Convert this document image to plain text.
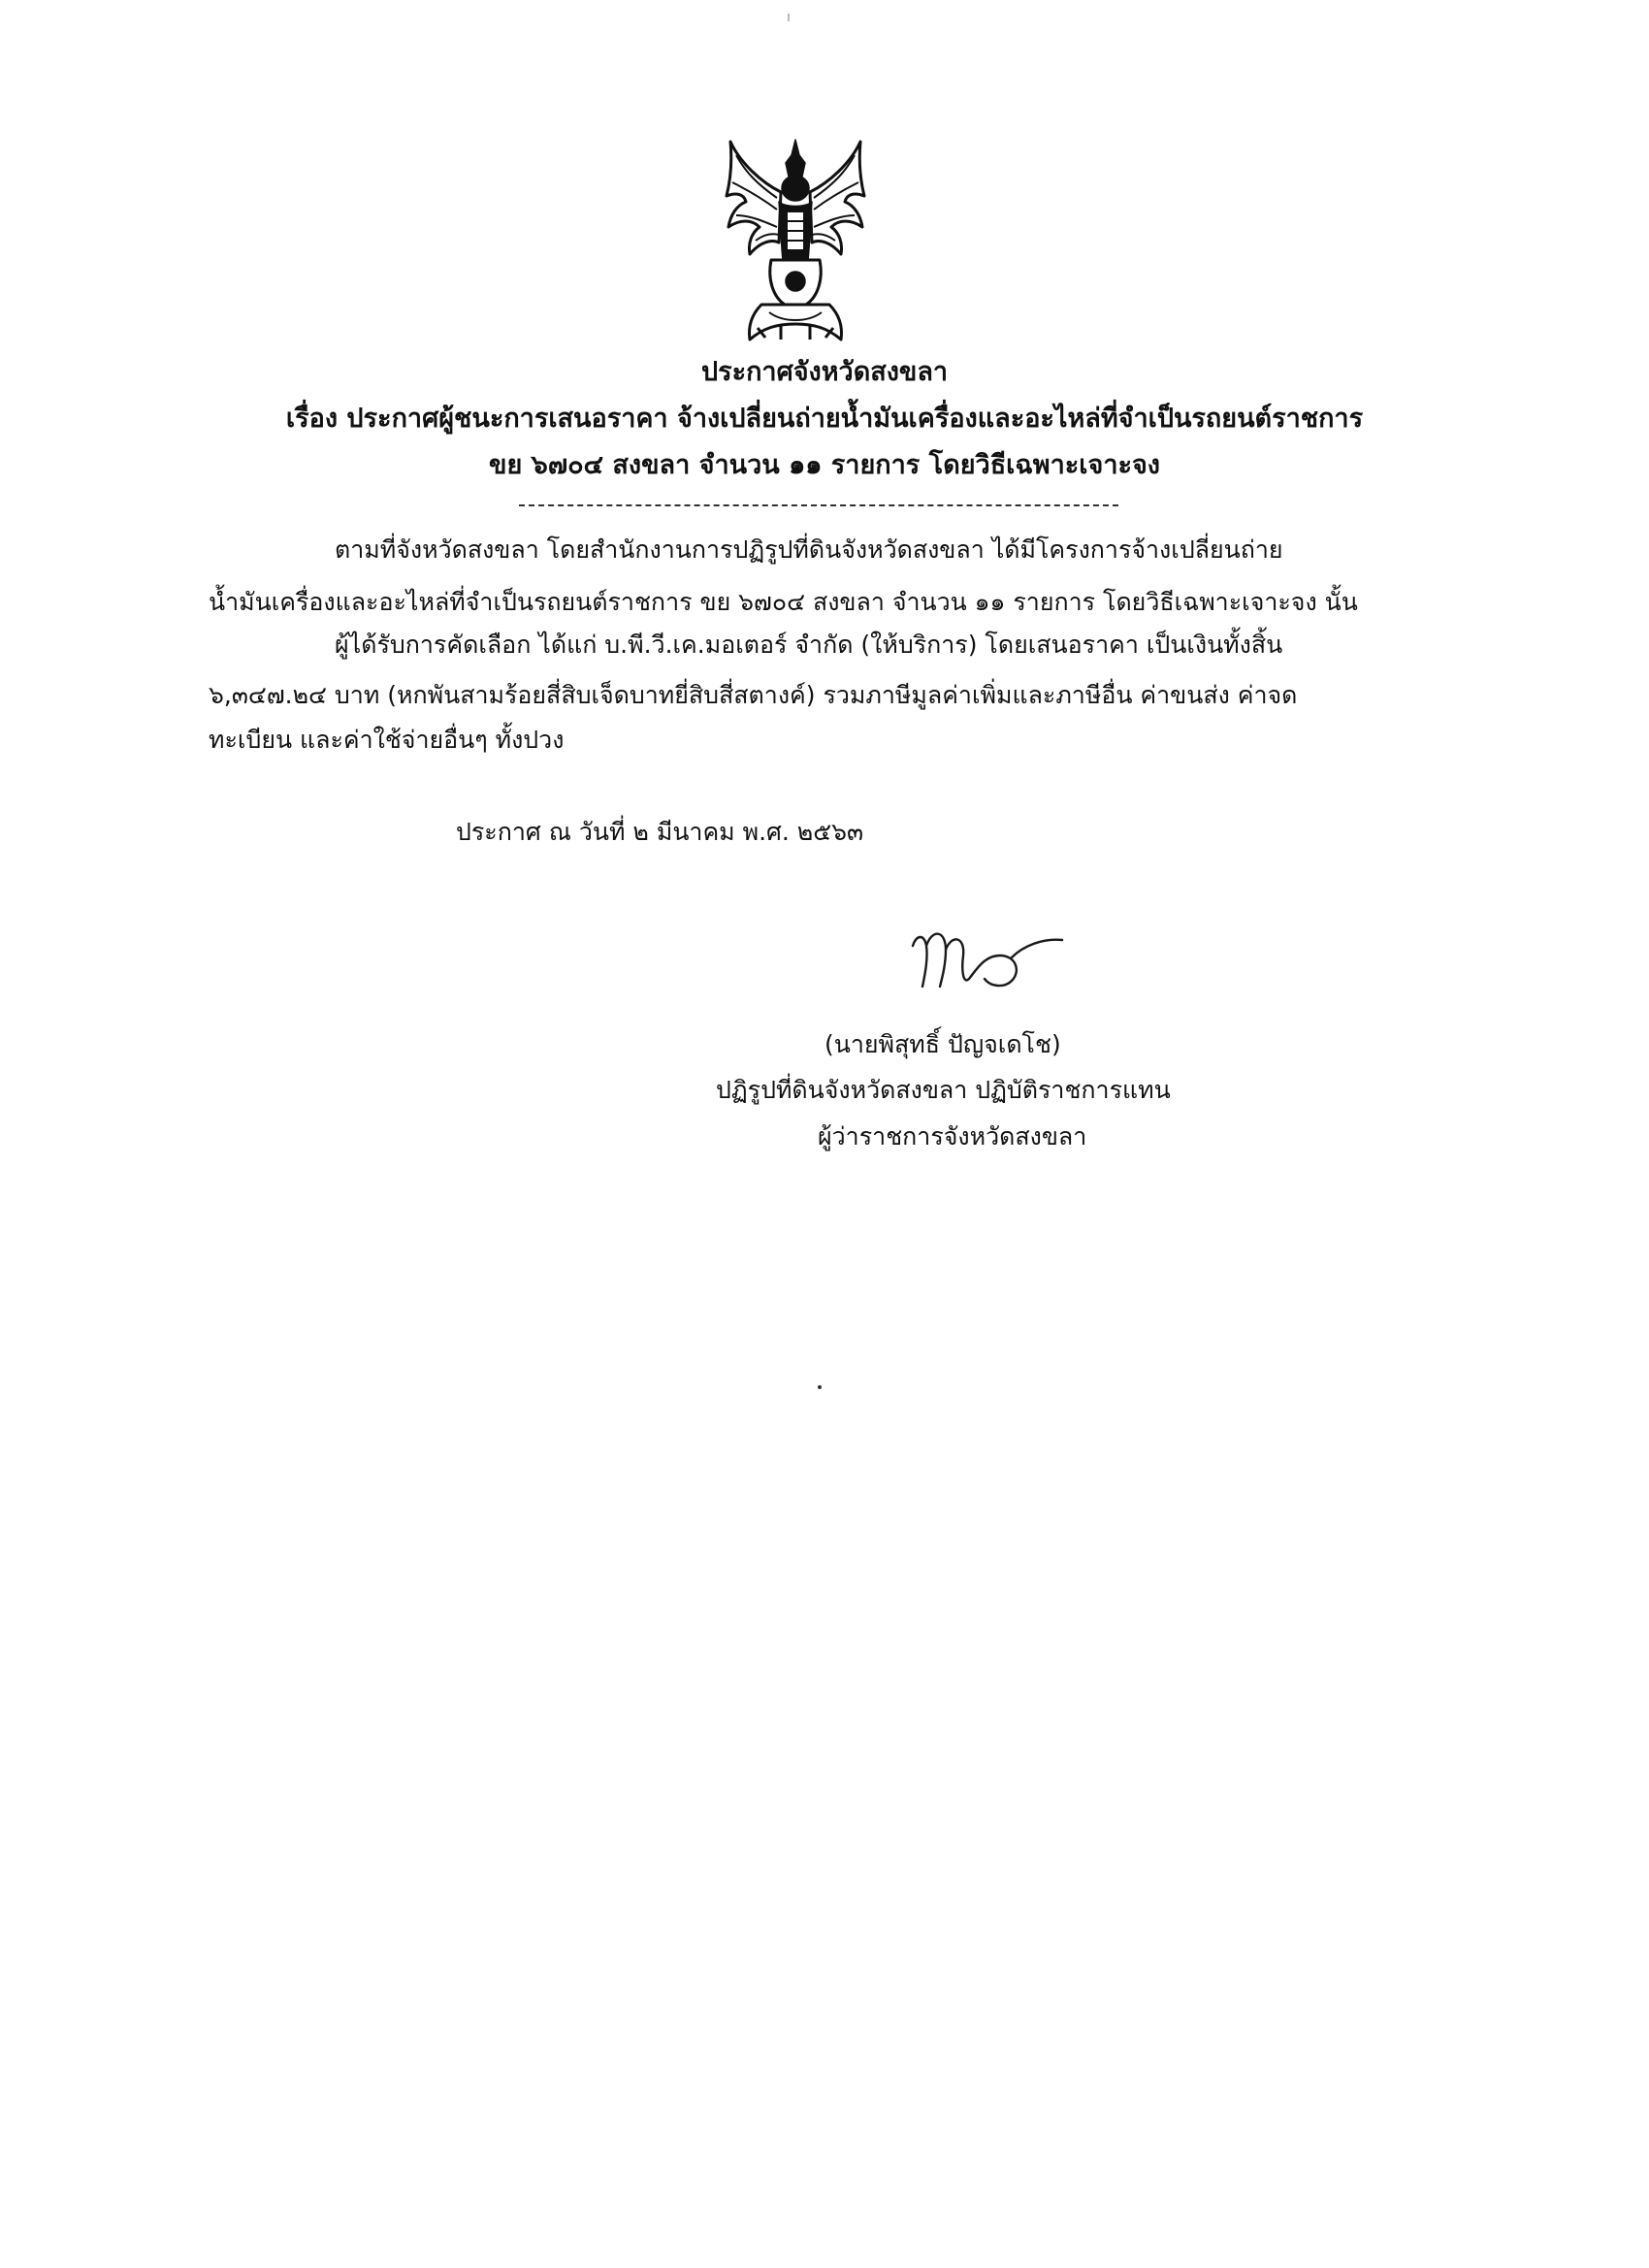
ประกาศจังหวัดสงขลา
เรื่อง ประกาศผู้ชนะการเสนอราคา จ้างเปลี่ยนถ่ายน้ำมันเครื่องและอะไหล่ที่จำเป็นรถยนต์ราชการ
ขย ๖๗๐๔ สงขลา จำนวน ๑๑ รายการ โดยวิธีเฉพาะเจาะจง
ตามที่จังหวัดสงขลา โดยสำนักงานการปฏิรูปที่ดินจังหวัดสงขลา ได้มีโครงการจ้างเปลี่ยนถ่าย
น้ำมันเครื่องและอะไหล่ที่จำเป็นรถยนต์ราชการ ขย ๖๗๐๔ สงขลา จำนวน ๑๑ รายการ โดยวิธีเฉพาะเจาะจง นั้น
ผู้ได้รับการคัดเลือก ได้แก่ บ.พี.วี.เค.มอเตอร์ จำกัด (ให้บริการ) โดยเสนอราคา เป็นเงินทั้งสิ้น
๖,๓๔๗.๒๔ บาท (หกพันสามร้อยสี่สิบเจ็ดบาทยี่สิบสี่สตางค์) รวมภาษีมูลค่าเพิ่มและภาษีอื่น ค่าขนส่ง ค่าจด
ทะเบียน และค่าใช้จ่ายอื่นๆ ทั้งปวง
ประกาศ ณ วันที่ ๒ มีนาคม พ.ศ. ๒๕๖๓
(นายพิสุทธิ์ ปัญจเดโช)
ปฏิรูปที่ดินจังหวัดสงขลา ปฏิบัติราชการแทน
ผู้ว่าราชการจังหวัดสงขลา
